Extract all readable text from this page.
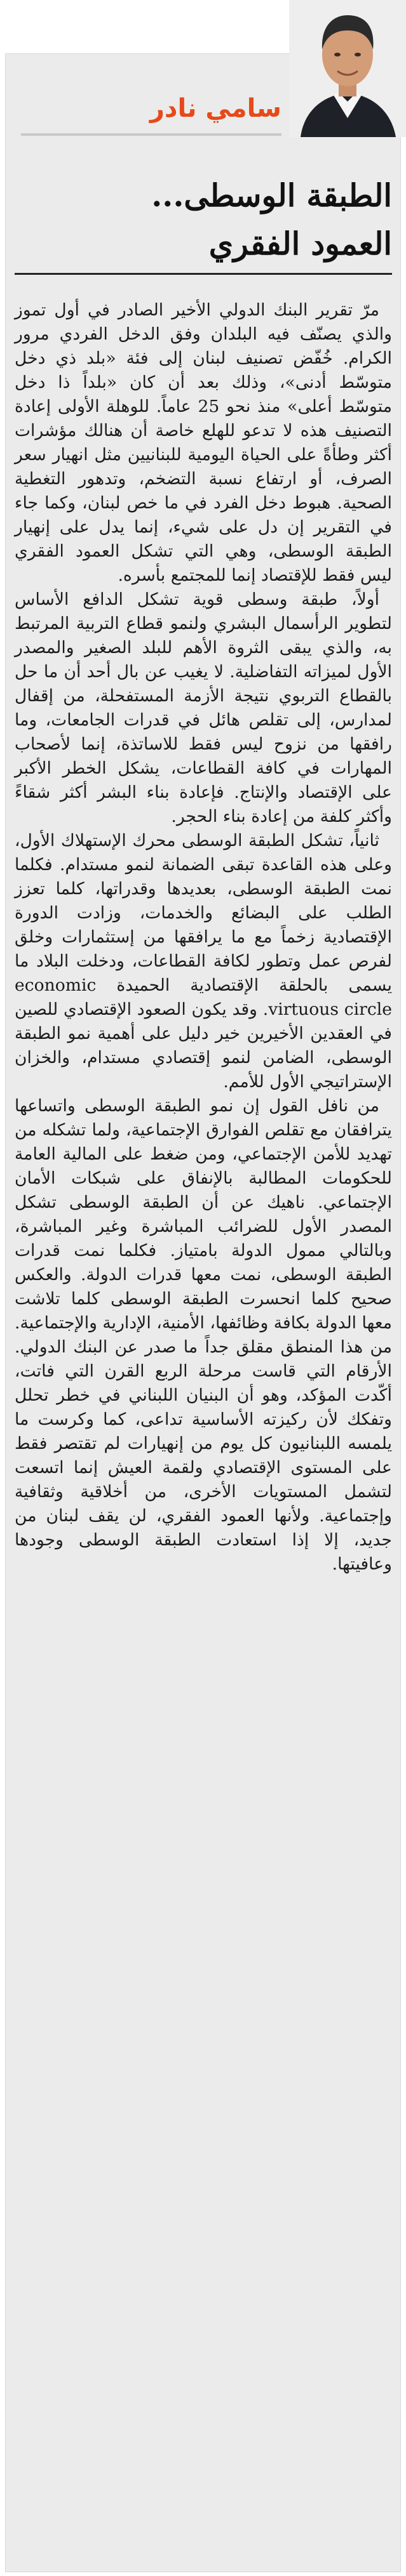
سامي نادر
الطبقة الوسطى...
العمود الفقري

مرّ تقرير البنك الدولي الأخير الصادر في أول تموز والذي يصنّف فيه البلدان وفق الدخل الفردي مرور الكرام. خُفّض تصنيف لبنان إلى فئة «بلد ذي دخل متوسّط أدنى»، وذلك بعد أن كان «بلداً ذا دخل متوسّط أعلى» منذ نحو 25 عاماً. للوهلة الأولى إعادة التصنيف هذه لا تدعو للهلع خاصة أن هنالك مؤشرات أكثر وطأةً على الحياة اليومية للبنانيين مثل انهيار سعر الصرف، أو ارتفاع نسبة التضخم، وتدهور التغطية الصحية. هبوط دخل الفرد في ما خص لبنان، وكما جاء في التقرير إن دل على شيء، إنما يدل على إنهيار الطبقة الوسطى، وهي التي تشكل العمود الفقري ليس فقط للإقتصاد إنما للمجتمع بأسره.

أولاً، طبقة وسطى قوية تشكل الدافع الأساس لتطوير الرأسمال البشري ولنمو قطاع التربية المرتبط به، والذي يبقى الثروة الأهم للبلد الصغير والمصدر الأول لميزاته التفاضلية. لا يغيب عن بال أحد أن ما حل بالقطاع التربوي نتيجة الأزمة المستفحلة، من إقفال لمدارس، إلى تقلص هائل في قدرات الجامعات، وما رافقها من نزوح ليس فقط للاساتذة، إنما لأصحاب المهارات في كافة القطاعات، يشكل الخطر الأكبر على الإقتصاد والإنتاج. فإعادة بناء البشر أكثر شقاءً وأكثر كلفة من إعادة بناء الحجر.

ثانياً، تشكل الطبقة الوسطى محرك الإستهلاك الأول، وعلى هذه القاعدة تبقى الضمانة لنمو مستدام. فكلما نمت الطبقة الوسطى، بعديدها وقدراتها، كلما تعزز الطلب على البضائع والخدمات، وزادت الدورة الإقتصادية زخماً مع ما يرافقها من إستثمارات وخلق لفرص عمل وتطور لكافة القطاعات، ودخلت البلاد ما يسمى بالحلقة الإقتصادية الحميدة economic virtuous circle. وقد يكون الصعود الإقتصادي للصين في العقدين الأخيرين خير دليل على أهمية نمو الطبقة الوسطى، الضامن لنمو إقتصادي مستدام، والخزان الإستراتيجي الأول للأمم.

من نافل القول إن نمو الطبقة الوسطى واتساعها يترافقان مع تقلص الفوارق الإجتماعية، ولما تشكله من تهديد للأمن الإجتماعي، ومن ضغط على المالية العامة للحكومات المطالبة بالإنفاق على شبكات الأمان الإجتماعي. ناهيك عن أن الطبقة الوسطى تشكل المصدر الأول للضرائب المباشرة وغير المباشرة، وبالتالي ممول الدولة بامتياز. فكلما نمت قدرات الطبقة الوسطى، نمت معها قدرات الدولة. والعكس صحيح كلما انحسرت الطبقة الوسطى كلما تلاشت معها الدولة بكافة وظائفها، الأمنية، الإدارية والإجتماعية. من هذا المنطق مقلق جداً ما صدر عن البنك الدولي. الأرقام التي قاست مرحلة الربع القرن التي فاتت، أكّدت المؤكد، وهو أن البنيان اللبناني في خطر تحلل وتفكك لأن ركيزته الأساسية تداعى، كما وكرست ما يلمسه اللبنانيون كل يوم من إنهيارات لم تقتصر فقط على المستوى الإقتصادي ولقمة العيش إنما اتسعت لتشمل المستويات الأخرى، من أخلاقية وثقافية وإجتماعية. ولأنها العمود الفقري، لن يقف لبنان من جديد، إلا إذا استعادت الطبقة الوسطى وجودها وعافيتها.
